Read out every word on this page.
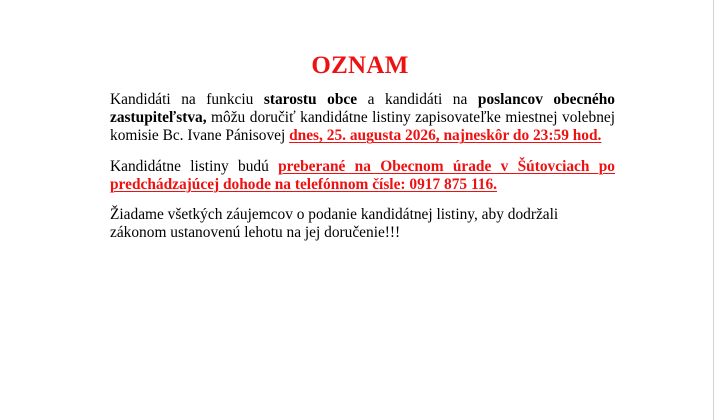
OZNAM

Kandidáti na funkciu starostu obce a kandidáti na poslancov obecného zastupiteľstva, môžu doručiť kandidátne listiny zapisovateľke miestnej volebnej komisie Bc. Ivane Pánisovej dnes, 25. augusta 2026, najneskôr do 23:59 hod.

Kandidátne listiny budú preberané na Obecnom úrade v Šútovciach po predchádzajúcej dohode na telefónnom čísle: 0917 875 116.

Žiadame všetkých záujemcov o podanie kandidátnej listiny, aby dodržali
zákonom ustanovenú lehotu na jej doručenie!!!
